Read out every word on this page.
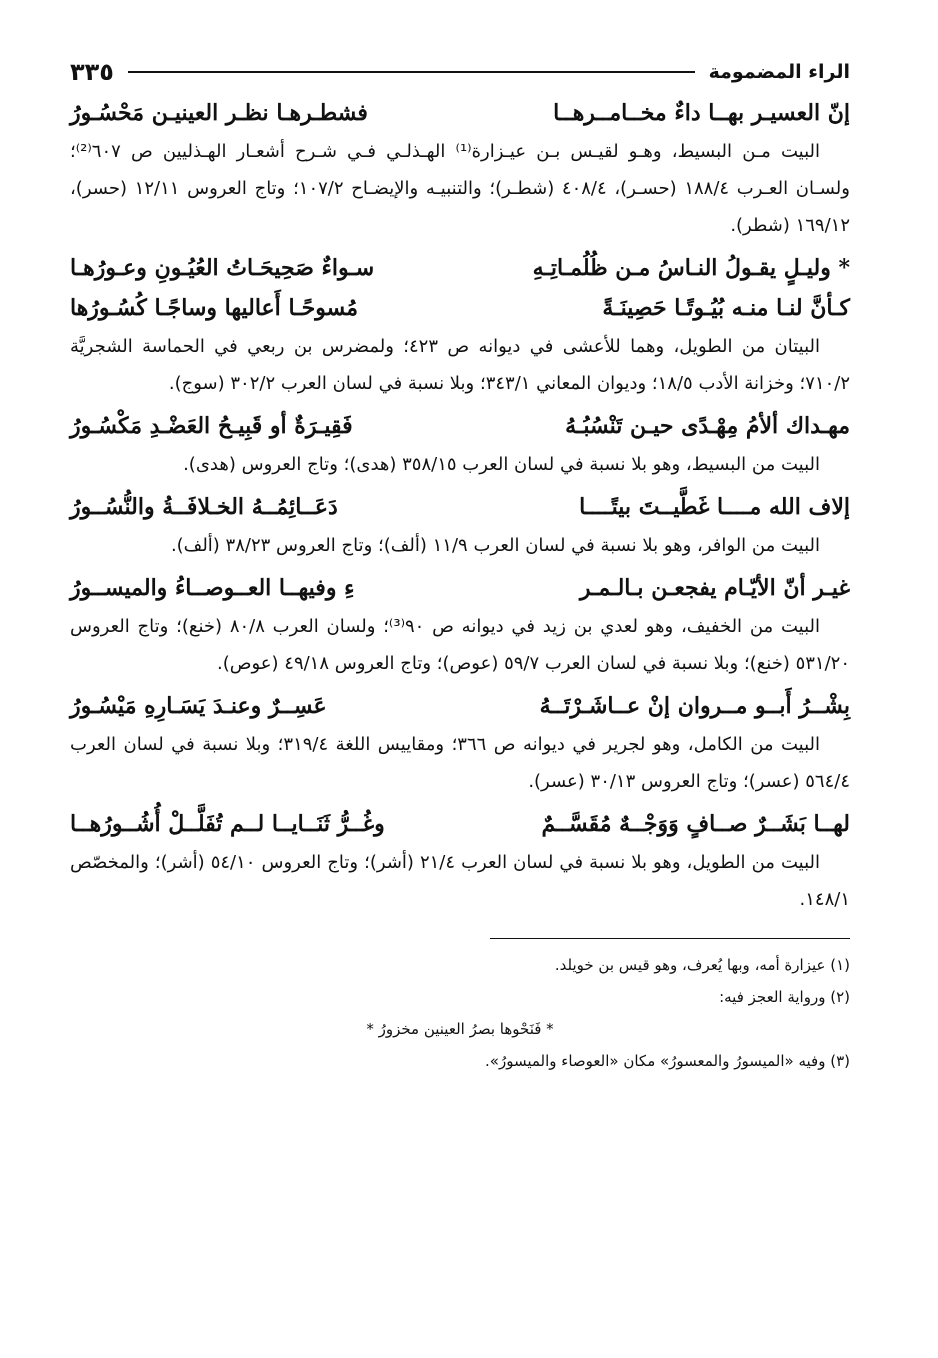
الراء المضمومة
٣٣٥
إنّ العسيـر بهــا داءٌ مخــامــرهــا
فشطـرهـا نظـر العينيـن مَحْسُـورُ

البيت مـن البسيط، وهـو لقيـس بـن عيـزارة⁽¹⁾ الهـذلـي فـي شـرح أشعـار الهـذليين ص ٦٠٧⁽²⁾؛ ولسـان العـرب ١٨٨/٤ (حسـر)، ٤٠٨/٤ (شطـر)؛ والتنبيـه والإيضـاح ١٠٧/٢؛ وتاج العروس ١٢/١١ (حسر)، ١٦٩/١٢ (شطر).

* وليـلٍ يقـولُ النـاسُ مـن ظُلُمـاتِـهِ
سـواءٌ صَحِيحَـاتُ العُيُـونِ وعـورُهـا
كـأنَّ لنـا منـه بُيُـوتًـا حَصِينَـةً
مُسوحًـا أَعاليها وساجًـا كُسُـورُها

البيتان من الطويل، وهما للأعشى في ديوانه ص ٤٢٣؛ ولمضرس بن ربعي في الحماسة الشجريَّة ٧١٠/٢؛ وخزانة الأدب ١٨/٥؛ وديوان المعاني ٣٤٣/١؛ وبلا نسبة في لسان العرب ٣٠٢/٢ (سوج).

مهـداك ألأمُ مِهْـدًى حيـن تَنْسُبُـهُ
فَقِيـرَةٌ أو قَبِيـحُ العَضْـدِ مَكْسُـورُ

البيت من البسيط، وهو بلا نسبة في لسان العرب ٣٥٨/١٥ (هدى)؛ وتاج العروس (هدى).

إلاف الله مــــا غَطَّيــتَ بيتًــــا
دَعَــائِمُــهُ الخـلافَــةُ والنُّسُــورُ

البيت من الوافر، وهو بلا نسبة في لسان العرب ١١/٩ (ألف)؛ وتاج العروس ٣٨/٢٣ (ألف).

غيـر أنّ الأيّـام يفجعـن بـالـمـر
ءِ وفيهــا العــوصــاءُ والميســورُ

البيت من الخفيف، وهو لعدي بن زيد في ديوانه ص ٩٠⁽³⁾؛ ولسان العرب ٨٠/٨ (خنع)؛ وتاج العروس ٥٣١/٢٠ (خنع)؛ وبلا نسبة في لسان العرب ٥٩/٧ (عوص)؛ وتاج العروس ٤٩/١٨ (عوص).

بِشْــرُ أَبــو مــروان إنْ عــاشَـرْتَــهُ
عَسِــرٌ وعنـدَ يَسَـارِهِ مَيْسُـورُ

البيت من الكامل، وهو لجرير في ديوانه ص ٣٦٦؛ ومقاييس اللغة ٣١٩/٤؛ وبلا نسبة في لسان العرب ٥٦٤/٤ (عسر)؛ وتاج العروس ٣٠/١٣ (عسر).

لهــا بَشَــرٌ صــافٍ وَوَجْــهٌ مُقَسَّــمٌ
وغُــرُّ ثَنَــايــا لــم تُفَلَّــلْ أُشُــورُهــا

البيت من الطويل، وهو بلا نسبة في لسان العرب ٢١/٤ (أشر)؛ وتاج العروس ٥٤/١٠ (أشر)؛ والمخصّص ١٤٨/١.

(١) عيزارة أمه، وبها يُعرف، وهو قيس بن خويلد.
(٢) ورواية العجز فيه:
* فَنَحْوها بصرُ العينين مخزورُ *
(٣) وفيه «الميسورُ والمعسورُ» مكان «العوصاء والميسورُ».
